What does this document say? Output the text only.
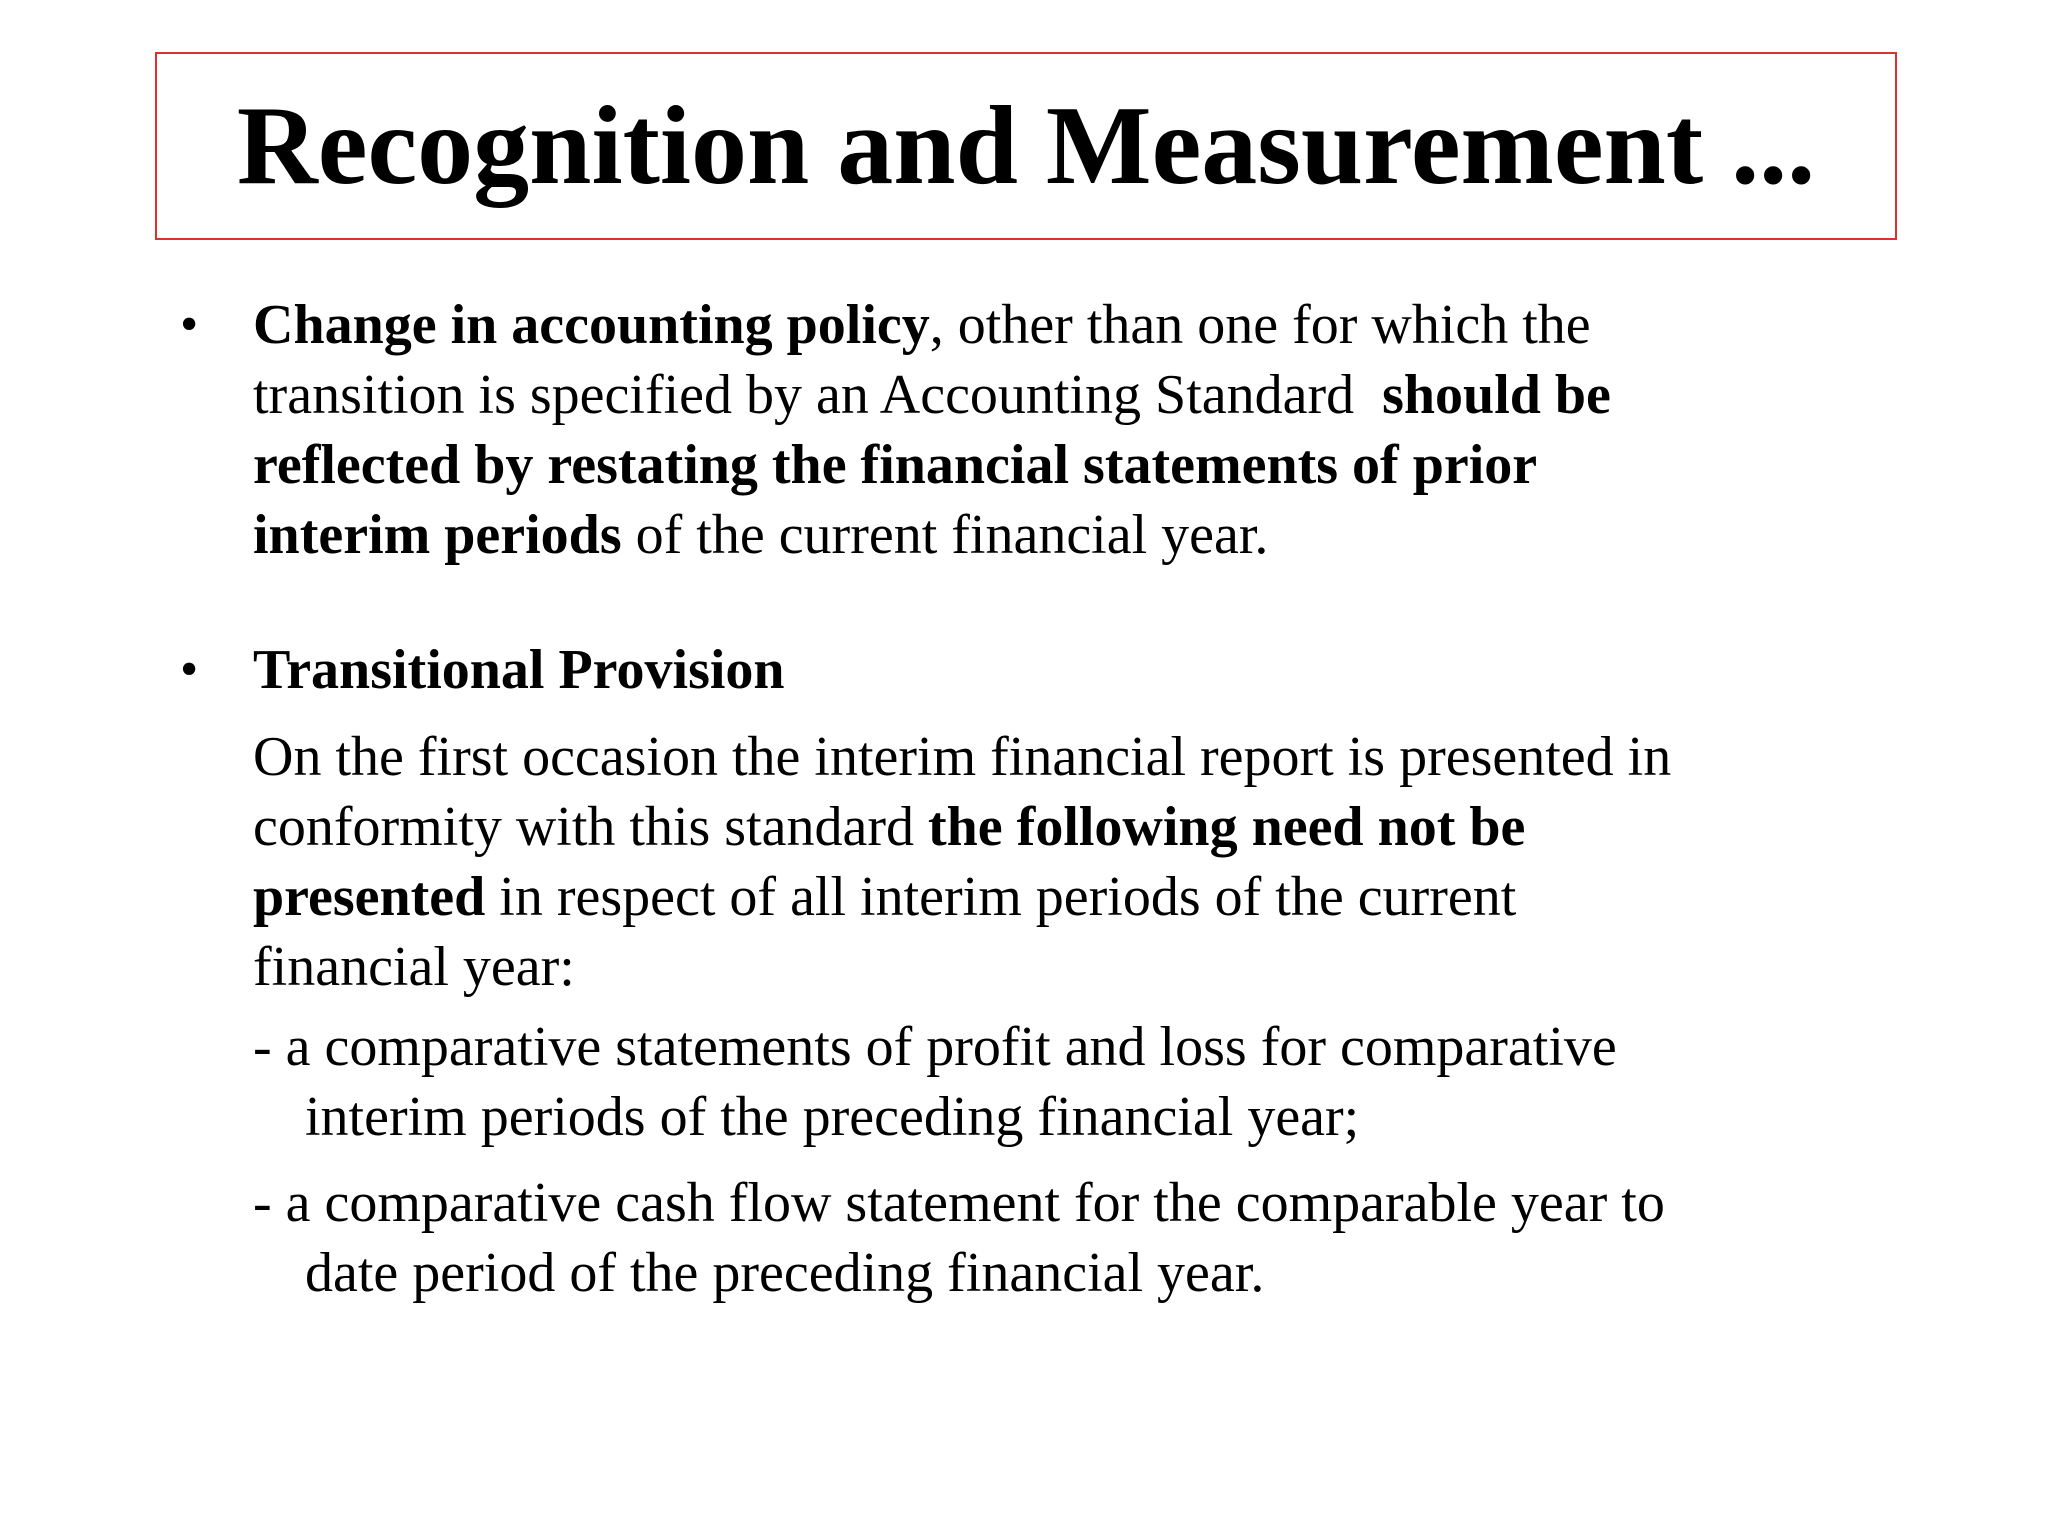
Recognition and Measurement ...
• Change in accounting policy, other than one for which the
transition is specified by an Accounting Standard  should be
reflected by restating the financial statements of prior
interim periods of the current financial year.

• Transitional Provision

On the first occasion the interim financial report is presented in
conformity with this standard the following need not be
presented in respect of all interim periods of the current
financial year:

- a comparative statements of profit and loss for comparative
interim periods of the preceding financial year;
- a comparative cash flow statement for the comparable year to
date period of the preceding financial year.
